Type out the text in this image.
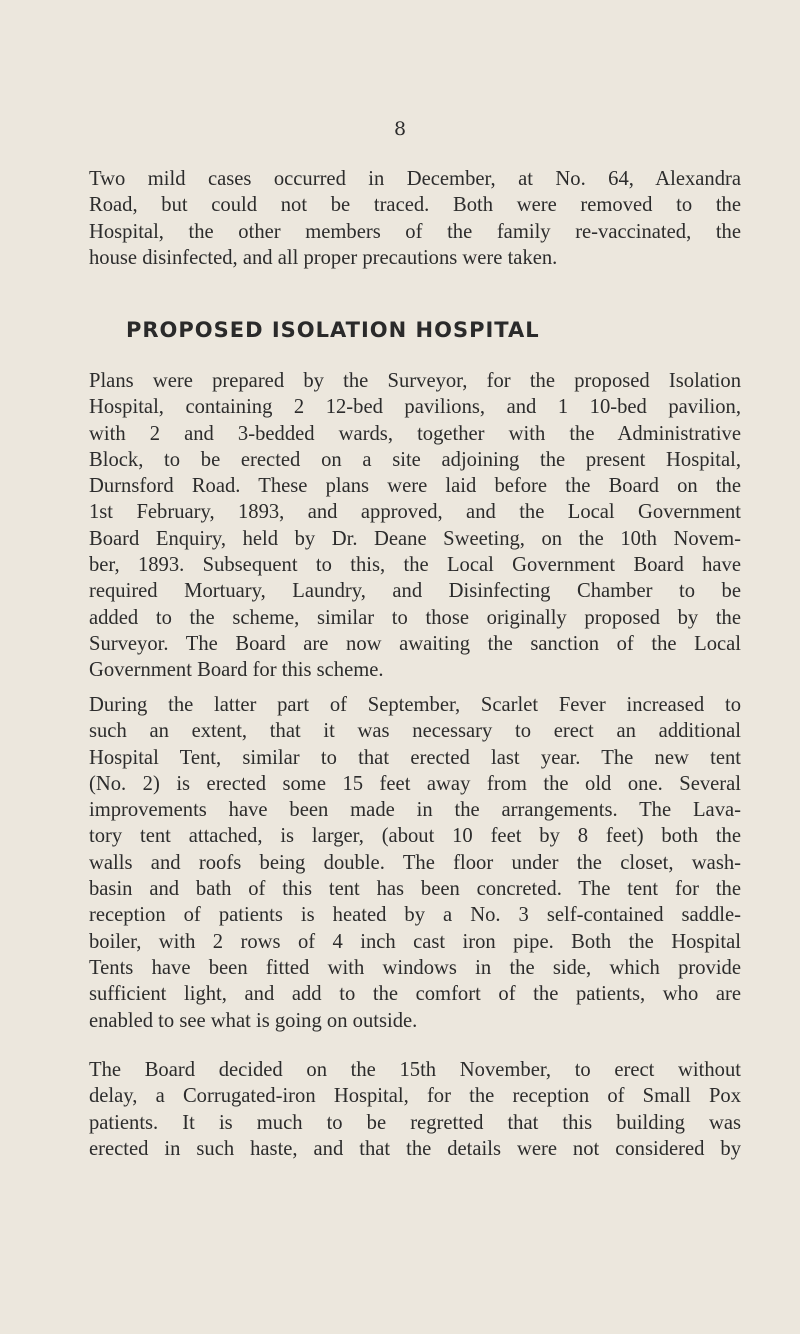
8
Two mild cases occurred in December, at No. 64, Alexandra
Road, but could not be traced. Both were removed to the
Hospital, the other members of the family re-vaccinated, the
house disinfected, and all proper precautions were taken.
PROPOSED ISOLATION HOSPITAL
Plans were prepared by the Surveyor, for the proposed Isolation
Hospital, containing 2 12-bed pavilions, and 1 10-bed pavilion,
with 2 and 3-bedded wards, together with the Administrative
Block, to be erected on a site adjoining the present Hospital,
Durnsford Road. These plans were laid before the Board on the
1st February, 1893, and approved, and the Local Government
Board Enquiry, held by Dr. Deane Sweeting, on the 10th Novem-
ber, 1893. Subsequent to this, the Local Government Board have
required Mortuary, Laundry, and Disinfecting Chamber to be
added to the scheme, similar to those originally proposed by the
Surveyor. The Board are now awaiting the sanction of the Local
Government Board for this scheme.
During the latter part of September, Scarlet Fever increased to
such an extent, that it was necessary to erect an additional
Hospital Tent, similar to that erected last year. The new tent
(No. 2) is erected some 15 feet away from the old one. Several
improvements have been made in the arrangements. The Lava-
tory tent attached, is larger, (about 10 feet by 8 feet) both the
walls and roofs being double. The floor under the closet, wash-
basin and bath of this tent has been concreted. The tent for the
reception of patients is heated by a No. 3 self-contained saddle-
boiler, with 2 rows of 4 inch cast iron pipe. Both the Hospital
Tents have been fitted with windows in the side, which provide
sufficient light, and add to the comfort of the patients, who are
enabled to see what is going on outside.
The Board decided on the 15th November, to erect without
delay, a Corrugated-iron Hospital, for the reception of Small Pox
patients. It is much to be regretted that this building was
erected in such haste, and that the details were not considered by
